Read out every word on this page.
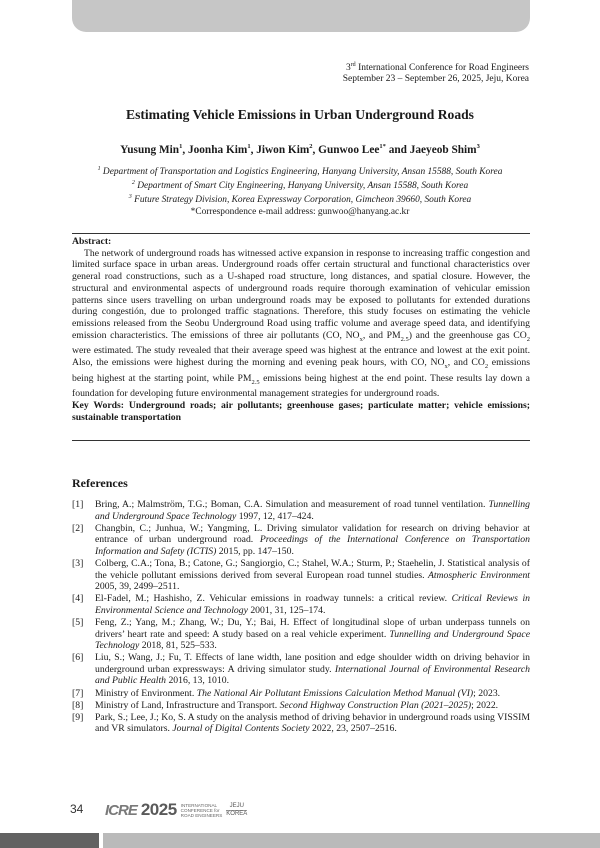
3rd International Conference for Road Engineers
September 23 – September 26, 2025, Jeju, Korea
Estimating Vehicle Emissions in Urban Underground Roads
Yusung Min$^1$, Joonha Kim$^1$, Jiwon Kim$^2$, Gunwoo Lee$^{1*}$ and Jaeyeob Shim$^3$
$^1$ Department of Transportation and Logistics Engineering, Hanyang University, Ansan 15588, South Korea
$^2$ Department of Smart City Engineering, Hanyang University, Ansan 15588, South Korea
$^3$ Future Strategy Division, Korea Expressway Corporation, Gimcheon 39660, South Korea
*Correspondence e-mail address: gunwoo@hanyang.ac.kr
Abstract:

The network of underground roads has witnessed active expansion in response to increasing traffic congestion and limited surface space in urban areas. Underground roads offer certain structural and functional characteristics over general road constructions, such as a U-shaped road structure, long distances, and spatial closure. However, the structural and environmental aspects of underground roads require thorough examination of vehicular emission patterns since users travelling on urban underground roads may be exposed to pollutants for extended durations during congestión, due to prolonged traffic stagnations. Therefore, this study focuses on estimating the vehicle emissions released from the Seobu Underground Road using traffic volume and average speed data, and identifying emission characteristics. The emissions of three air pollutants (CO, $NO_x$, and $PM_{2.5}$) and the greenhouse gas $CO_2$ were estimated. The study revealed that their average speed was highest at the entrance and lowest at the exit point. Also, the emissions were highest during the morning and evening peak hours, with CO, $NO_x$, and $CO_2$ emissions being highest at the starting point, while $PM_{2.5}$ emissions being highest at the end point. These results lay down a foundation for developing future environmental management strategies for underground roads.

Key Words: Underground roads; air pollutants; greenhouse gases; particulate matter; vehicle emissions; sustainable transportation
References
[1]	Bring, A.; Malmström, T.G.; Boman, C.A. Simulation and measurement of road tunnel ventilation. Tunnelling and Underground Space Technology 1997, 12, 417–424.
[2]	Changbin, C.; Junhua, W.; Yangming, L. Driving simulator validation for research on driving behavior at entrance of urban underground road. Proceedings of the International Conference on Transportation Information and Safety (ICTIS) 2015, pp. 147–150.
[3]	Colberg, C.A.; Tona, B.; Catone, G.; Sangiorgio, C.; Stahel, W.A.; Sturm, P.; Staehelin, J. Statistical analysis of the vehicle pollutant emissions derived from several European road tunnel studies. Atmospheric Environment 2005, 39, 2499–2511.
[4]	El-Fadel, M.; Hashisho, Z. Vehicular emissions in roadway tunnels: a critical review. Critical Reviews in Environmental Science and Technology 2001, 31, 125–174.
[5]	Feng, Z.; Yang, M.; Zhang, W.; Du, Y.; Bai, H. Effect of longitudinal slope of urban underpass tunnels on drivers’ heart rate and speed: A study based on a real vehicle experiment. Tunnelling and Underground Space Technology 2018, 81, 525–533.
[6]	Liu, S.; Wang, J.; Fu, T. Effects of lane width, lane position and edge shoulder width on driving behavior in underground urban expressways: A driving simulator study. International Journal of Environmental Research and Public Health 2016, 13, 1010.
[7]	Ministry of Environment. The National Air Pollutant Emissions Calculation Method Manual (VI); 2023.
[8]	Ministry of Land, Infrastructure and Transport. Second Highway Construction Plan (2021–2025); 2022.
[9]	Park, S.; Lee, J.; Ko, S. A study on the analysis method of driving behavior in underground roads using VISSIM and VR simulators. Journal of Digital Contents Society 2022, 23, 2507–2516.
34 ICRE 2025 INTERNATIONAL
CONFERENCE for
ROAD ENGINEERS
JEJU
KOREA
